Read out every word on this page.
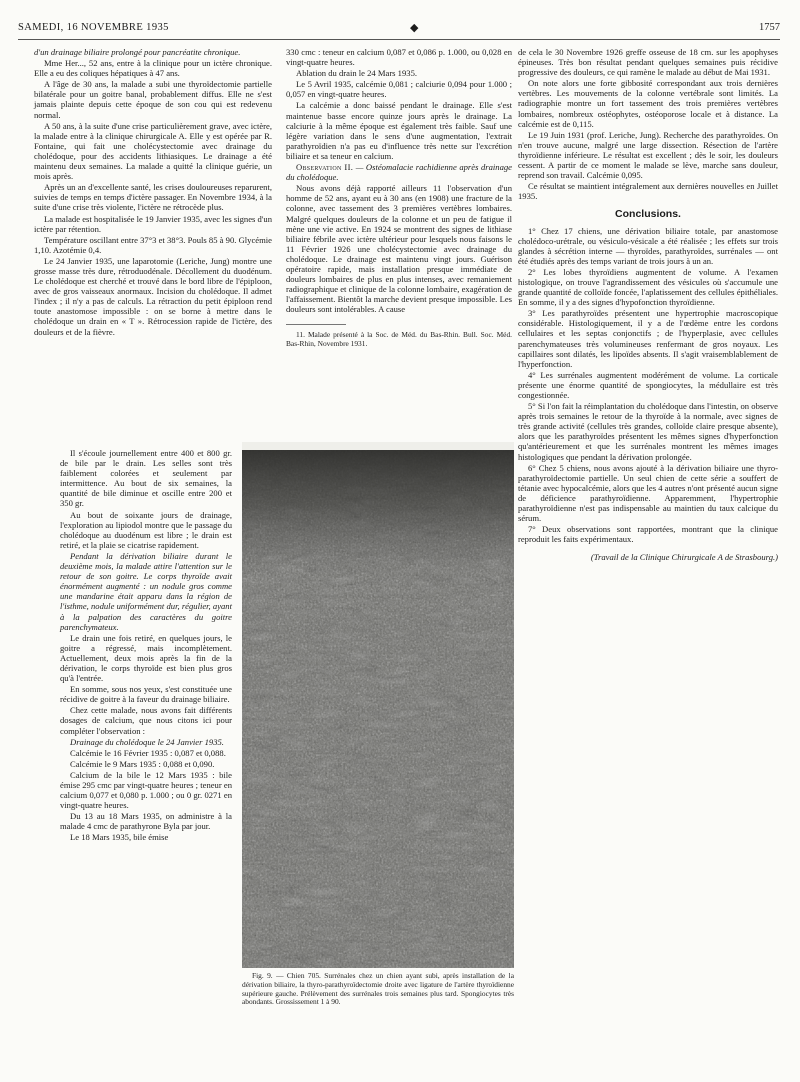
SAMEDI, 16 NOVEMBRE 1935	◆	1757

d'un drainage biliaire prolongé pour pancréatite chronique.

Mme Her..., 52 ans, entre à la clinique pour un ictère chronique. Elle a eu des coliques hépatiques à 47 ans.

A l'âge de 30 ans, la malade a subi une thyroïdectomie partielle bilatérale pour un goitre banal, probablement diffus. Elle ne s'est jamais plainte depuis cette époque de son cou qui est redevenu normal.

A 50 ans, à la suite d'une crise particulièrement grave, avec ictère, la malade entre à la clinique chirurgicale A. Elle y est opérée par R. Fontaine, qui fait une cholécystectomie avec drainage du cholédoque, pour des accidents lithiasiques. Le drainage a été maintenu deux semaines. La malade a quitté la clinique guérie, un mois après.

Après un an d'excellente santé, les crises douloureuses reparurent, suivies de temps en temps d'ictère passager. En Novembre 1934, à la suite d'une crise très violente, l'ictère ne rétrocède plus.

La malade est hospitalisée le 19 Janvier 1935, avec les signes d'un ictère par rétention.

Température oscillant entre 37°3 et 38°3. Pouls 85 à 90. Glycémie 1,10. Azotémie 0,4.

Le 24 Janvier 1935, une laparotomie (Leriche, Jung) montre une grosse masse très dure, rétroduodénale. Décollement du duodénum. Le cholédoque est cherché et trouvé dans le bord libre de l'épiploon, avec de gros vaisseaux anormaux. Incision du cholédoque. Il admet l'index ; il n'y a pas de calculs. La rétraction du petit épiploon rend toute anastomose impossible : on se borne à mettre dans le cholédoque un drain en « T ». Rétrocession rapide de l'ictère, des douleurs et de la fièvre.

Il s'écoule journellement entre 400 et 800 gr. de bile par le drain. Les selles sont très faiblement colorées et seulement par intermittence. Au bout de six semaines, la quantité de bile diminue et oscille entre 200 et 350 gr.

Au bout de soixante jours de drainage, l'exploration au lipiodol montre que le passage du cholédoque au duodénum est libre ; le drain est retiré, et la plaie se cicatrise rapidement.

Pendant la dérivation biliaire durant le deuxième mois, la malade attire l'attention sur le retour de son goitre. Le corps thyroïde avait énormément augmenté : un nodule gros comme une mandarine était apparu dans la région de l'isthme, nodule uniformément dur, régulier, ayant à la palpation des caractères du goitre parenchymateux.

Le drain une fois retiré, en quelques jours, le goitre a régressé, mais incomplètement. Actuellement, deux mois après la fin de la dérivation, le corps thyroïde est bien plus gros qu'à l'entrée.

En somme, sous nos yeux, s'est constituée une récidive de goitre à la faveur du drainage biliaire.

Chez cette malade, nous avons fait différents dosages de calcium, que nous citons ici pour compléter l'observation :

Drainage du cholédoque le 24 Janvier 1935.

Calcémie le 16 Février 1935 : 0,087 et 0,088.

Calcémie le 9 Mars 1935 : 0,088 et 0,090.

Calcium de la bile le 12 Mars 1935 : bile émise 295 cmc par vingt-quatre heures ; teneur en calcium 0,077 et 0,080 p. 1.000 ; ou 0 gr. 0271 en vingt-quatre heures.

Du 13 au 18 Mars 1935, on administre à la malade 4 cmc de parathyrone Byla par jour.

Le 18 Mars 1935, bile émise

330 cmc : teneur en calcium 0,087 et 0,086 p. 1.000, ou 0,028 en vingt-quatre heures.

Ablation du drain le 24 Mars 1935.

Le 5 Avril 1935, calcémie 0,081 ; calciurie 0,094 pour 1.000 ; 0,057 en vingt-quatre heures.

La calcémie a donc baissé pendant le drainage. Elle s'est maintenue basse encore quinze jours après le drainage. La calciurie à la même époque est également très faible. Sauf une légère variation dans le sens d'une augmentation, l'extrait parathyroïdien n'a pas eu d'influence très nette sur l'excrétion biliaire et sa teneur en calcium.

Observation II. — Ostéomalacie rachidienne après drainage du cholédoque.

Nous avons déjà rapporté ailleurs 11 l'observation d'un homme de 52 ans, ayant eu à 30 ans (en 1908) une fracture de la colonne, avec tassement des 3 premières vertèbres lombaires. Malgré quelques douleurs de la colonne et un peu de fatigue il mène une vie active. En 1924 se montrent des signes de lithiase biliaire fébrile avec ictère ultérieur pour lesquels nous faisons le 11 Février 1926 une cholécystectomie avec drainage du cholédoque. Le drainage est maintenu vingt jours. Guérison opératoire rapide, mais installation presque immédiate de douleurs lombaires de plus en plus intenses, avec remaniement radiographique et clinique de la colonne lombaire, exagération de l'affaissement. Bientôt la marche devient presque impossible. Les douleurs sont intolérables. A cause

11. Malade présenté à la Soc. de Méd. du Bas-Rhin. Bull. Soc. Méd. Bas-Rhin, Novembre 1931.

de cela le 30 Novembre 1926 greffe osseuse de 18 cm. sur les apophyses épineuses. Très bon résultat pendant quelques semaines puis récidive progressive des douleurs, ce qui ramène le malade au début de Mai 1931.

On note alors une forte gibbosité correspondant aux trois dernières vertèbres. Les mouvements de la colonne vertébrale sont limités. La radiographie montre un fort tassement des trois premières vertèbres lombaires, nombreux ostéophytes, ostéoporose locale et à distance. La calcémie est de 0,115.

Le 19 Juin 1931 (prof. Leriche, Jung). Recherche des parathyroïdes. On n'en trouve aucune, malgré une large dissection. Résection de l'artère thyroïdienne inférieure. Le résultat est excellent ; dès le soir, les douleurs cessent. A partir de ce moment le malade se lève, marche sans douleur, reprend son travail. Calcémie 0,095.

Ce résultat se maintient intégralement aux dernières nouvelles en Juillet 1935.

Conclusions.

1° Chez 17 chiens, une dérivation biliaire totale, par anastomose cholédoco-urétrale, ou vésiculo-vésicale a été réalisée ; les effets sur trois glandes à sécrétion interne — thyroïdes, parathyroïdes, surrénales — ont été étudiés après des temps variant de trois jours à un an.

2° Les lobes thyroïdiens augmentent de volume. A l'examen histologique, on trouve l'agrandissement des vésicules où s'accumule une grande quantité de colloïde foncée, l'aplatissement des cellules épithéliales. En somme, il y a des signes d'hypofonction thyroïdienne.

3° Les parathyroïdes présentent une hypertrophie macroscopique considérable. Histologiquement, il y a de l'œdème entre les cordons cellulaires et les septas conjonctifs ; de l'hyperplasie, avec cellules parenchymateuses très volumineuses renfermant de gros noyaux. Les capillaires sont dilatés, les lipoïdes absents. Il s'agit vraisemblablement de l'hyperfonction.

4° Les surrénales augmentent modérément de volume. La corticale présente une énorme quantité de spongiocytes, la médullaire est très congestionnée.

5° Si l'on fait la réimplantation du cholédoque dans l'intestin, on observe après trois semaines le retour de la thyroïde à la normale, avec signes de très grande activité (cellules très grandes, colloïde claire presque absente), alors que les parathyroïdes présentent les mêmes signes d'hyperfonction qu'antérieurement et que les surrénales montrent les mêmes images histologiques que pendant la dérivation prolongée.

6° Chez 5 chiens, nous avons ajouté à la dérivation biliaire une thyro-parathyroïdectomie partielle. Un seul chien de cette série a souffert de tétanie avec hypocalcémie, alors que les 4 autres n'ont présenté aucun signe de déficience parathyroïdienne. Apparemment, l'hypertrophie parathyroïdienne n'est pas indispensable au maintien du taux calcique du sérum.

7° Deux observations sont rapportées, montrant que la clinique reproduit les faits expérimentaux.

(Travail de la Clinique Chirurgicale A de Strasbourg.)

Fig. 9. — Chien 705. Surrénales chez un chien ayant subi, après installation de la dérivation biliaire, la thyro-parathyroïdectomie droite avec ligature de l'artère thyroïdienne supérieure gauche. Prélèvement des surrénales trois semaines plus tard. Spongiocytes très abondants. Grossissement 1 à 90.
